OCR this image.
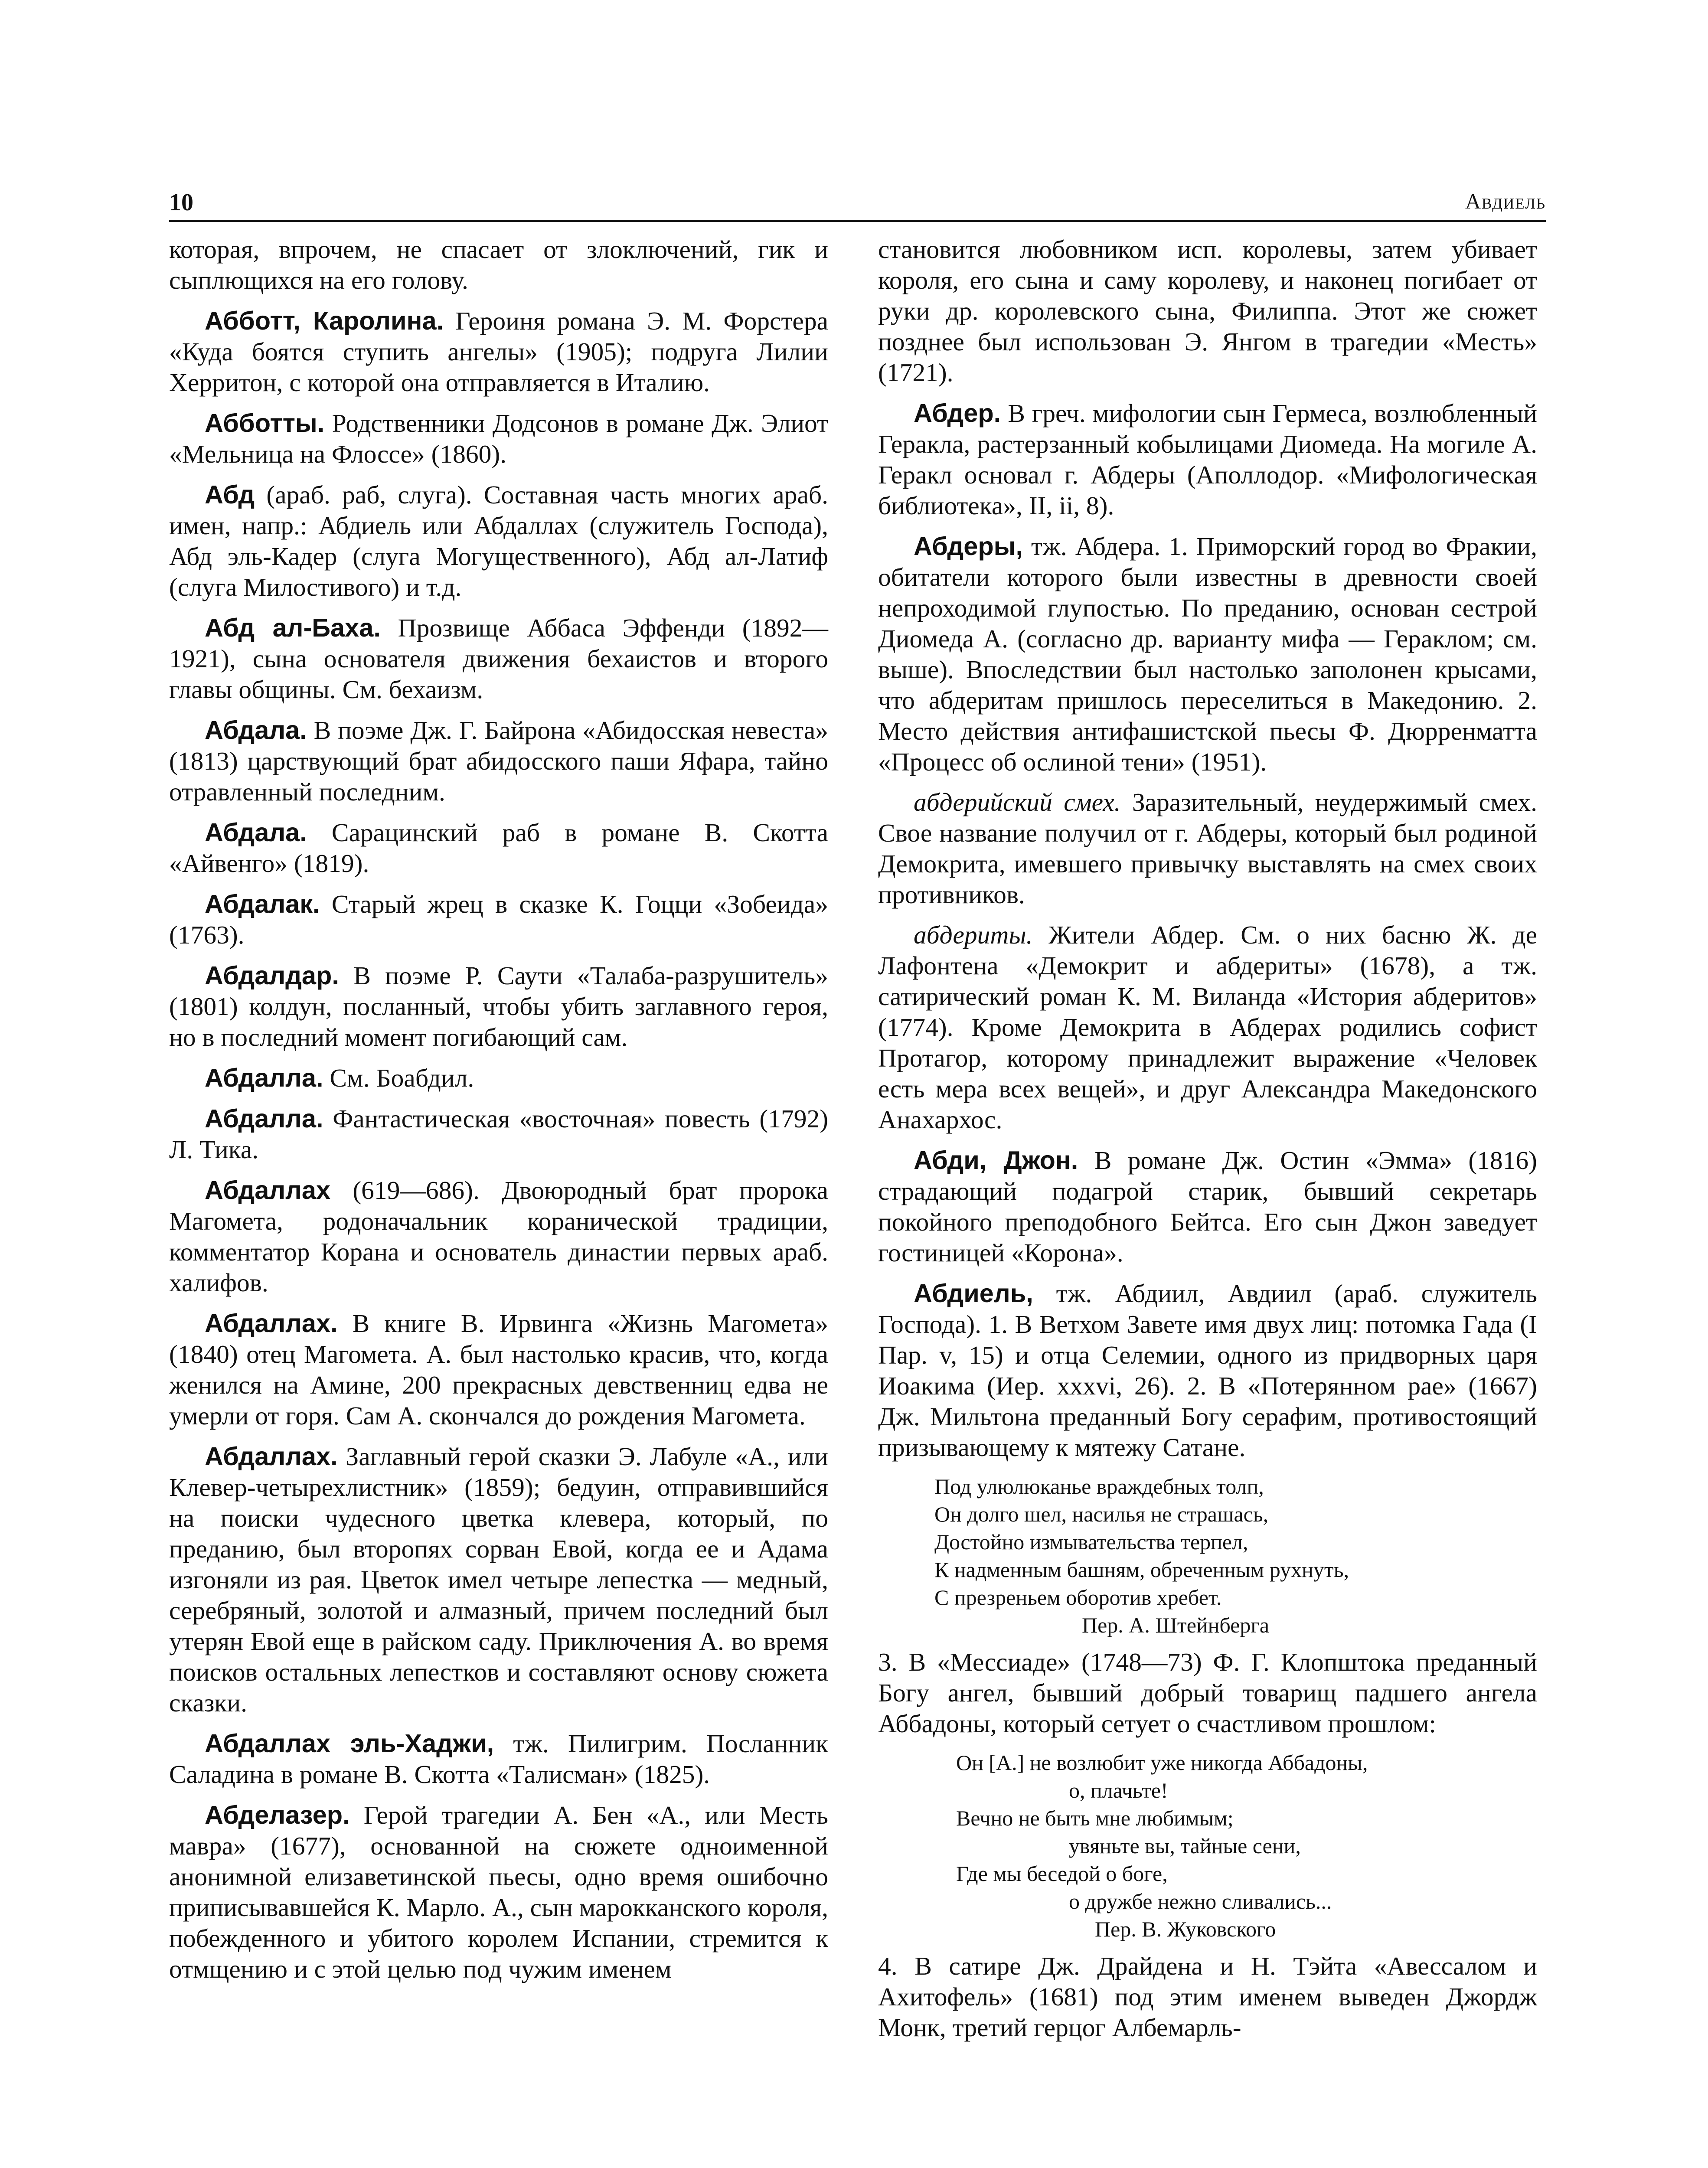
10	Авдиель

которая, впрочем, не спасает от злоключений, гик и сыплющихся на его голову.

Абботт, Каролина. Героиня романа Э. М. Форстера «Куда боятся ступить ангелы» (1905); подруга Лилии Херритон, с которой она отправляется в Италию.

Абботты. Родственники Додсонов в романе Дж. Элиот «Мельница на Флоссе» (1860).

Абд (араб. раб, слуга). Составная часть многих араб. имен, напр.: Абдиель или Абдаллах (служитель Господа), Абд эль-Кадер (слуга Могущественного), Абд ал-Латиф (слуга Милостивого) и т.д.

Абд ал-Баха. Прозвище Аббаса Эффенди (1892—1921), сына основателя движения бехаистов и второго главы общины. См. бехаизм.

Абдала. В поэме Дж. Г. Байрона «Абидосская невеста» (1813) царствующий брат абидосского паши Яфара, тайно отравленный последним.

Абдала. Сарацинский раб в романе В. Скотта «Айвенго» (1819).

Абдалак. Старый жрец в сказке К. Гоцци «Зобеида» (1763).

Абдалдар. В поэме Р. Саути «Талаба-разрушитель» (1801) колдун, посланный, чтобы убить заглавного героя, но в последний момент погибающий сам.

Абдалла. См. Боабдил.

Абдалла. Фантастическая «восточная» повесть (1792) Л. Тика.

Абдаллах (619—686). Двоюродный брат пророка Магомета, родоначальник коранической традиции, комментатор Корана и основатель династии первых араб. халифов.

Абдаллах. В книге В. Ирвинга «Жизнь Магомета» (1840) отец Магомета. А. был настолько красив, что, когда женился на Амине, 200 прекрасных девственниц едва не умерли от горя. Сам А. скончался до рождения Магомета.

Абдаллах. Заглавный герой сказки Э. Лабуле «А., или Клевер-четырехлистник» (1859); бедуин, отправившийся на поиски чудесного цветка клевера, который, по преданию, был второпях сорван Евой, когда ее и Адама изгоняли из рая. Цветок имел четыре лепестка — медный, серебряный, золотой и алмазный, причем последний был утерян Евой еще в райском саду. Приключения А. во время поисков остальных лепестков и составляют основу сюжета сказки.

Абдаллах эль-Хаджи, тж. Пилигрим. Посланник Саладина в романе В. Скотта «Талисман» (1825).

Абделазер. Герой трагедии А. Бен «А., или Месть мавра» (1677), основанной на сюжете одноименной анонимной елизаветинской пьесы, одно время ошибочно приписывавшейся К. Марло. А., сын марокканского короля, побежденного и убитого королем Испании, стремится к отмщению и с этой целью под чужим именем

становится любовником исп. королевы, затем убивает короля, его сына и саму королеву, и наконец погибает от руки др. королевского сына, Филиппа. Этот же сюжет позднее был использован Э. Янгом в трагедии «Месть» (1721).

Абдер. В греч. мифологии сын Гермеса, возлюбленный Геракла, растерзанный кобылицами Диомеда. На могиле А. Геракл основал г. Абдеры (Аполлодор. «Мифологическая библиотека», II, ii, 8).

Абдеры, тж. Абдера. 1. Приморский город во Фракии, обитатели которого были известны в древности своей непроходимой глупостью. По преданию, основан сестрой Диомеда А. (согласно др. варианту мифа — Гераклом; см. выше). Впоследствии был настолько заполонен крысами, что абдеритам пришлось переселиться в Македонию. 2. Место действия антифашистской пьесы Ф. Дюрренматта «Процесс об ослиной тени» (1951).

абдерийский смех. Заразительный, неудержимый смех. Свое название получил от г. Абдеры, который был родиной Демокрита, имевшего привычку выставлять на смех своих противников.

абдериты. Жители Абдер. См. о них басню Ж. де Лафонтена «Демокрит и абдериты» (1678), а тж. сатирический роман К. М. Виланда «История абдеритов» (1774). Кроме Демокрита в Абдерах родились софист Протагор, которому принадлежит выражение «Человек есть мера всех вещей», и друг Александра Македонского Анахархос.

Абди, Джон. В романе Дж. Остин «Эмма» (1816) страдающий подагрой старик, бывший секретарь покойного преподобного Бейтса. Его сын Джон заведует гостиницей «Корона».

Абдиель, тж. Абдиил, Авдиил (араб. служитель Господа). 1. В Ветхом Завете имя двух лиц: потомка Гада (I Пар. v, 15) и отца Селемии, одного из придворных царя Иоакима (Иер. xxxvi, 26). 2. В «Потерянном рае» (1667) Дж. Мильтона преданный Богу серафим, противостоящий призывающему к мятежу Сатане.

Под улюлюканье враждебных толп,
Он долго шел, насилья не страшась,
Достойно измывательства терпел,
К надменным башням, обреченным рухнуть,
С презреньем оборотив хребет.
Пер. А. Штейнберга

3. В «Мессиаде» (1748—73) Ф. Г. Клопштока преданный Богу ангел, бывший добрый товарищ падшего ангела Аббадоны, который сетует о счастливом прошлом:

Он [А.] не возлюбит уже никогда Аббадоны,
о, плачьте!
Вечно не быть мне любимым;
увяньте вы, тайные сени,
Где мы беседой о боге,
о дружбе нежно сливались...
Пер. В. Жуковского

4. В сатире Дж. Драйдена и Н. Тэйта «Авессалом и Ахитофель» (1681) под этим именем выведен Джордж Монк, третий герцог Албемарль-
